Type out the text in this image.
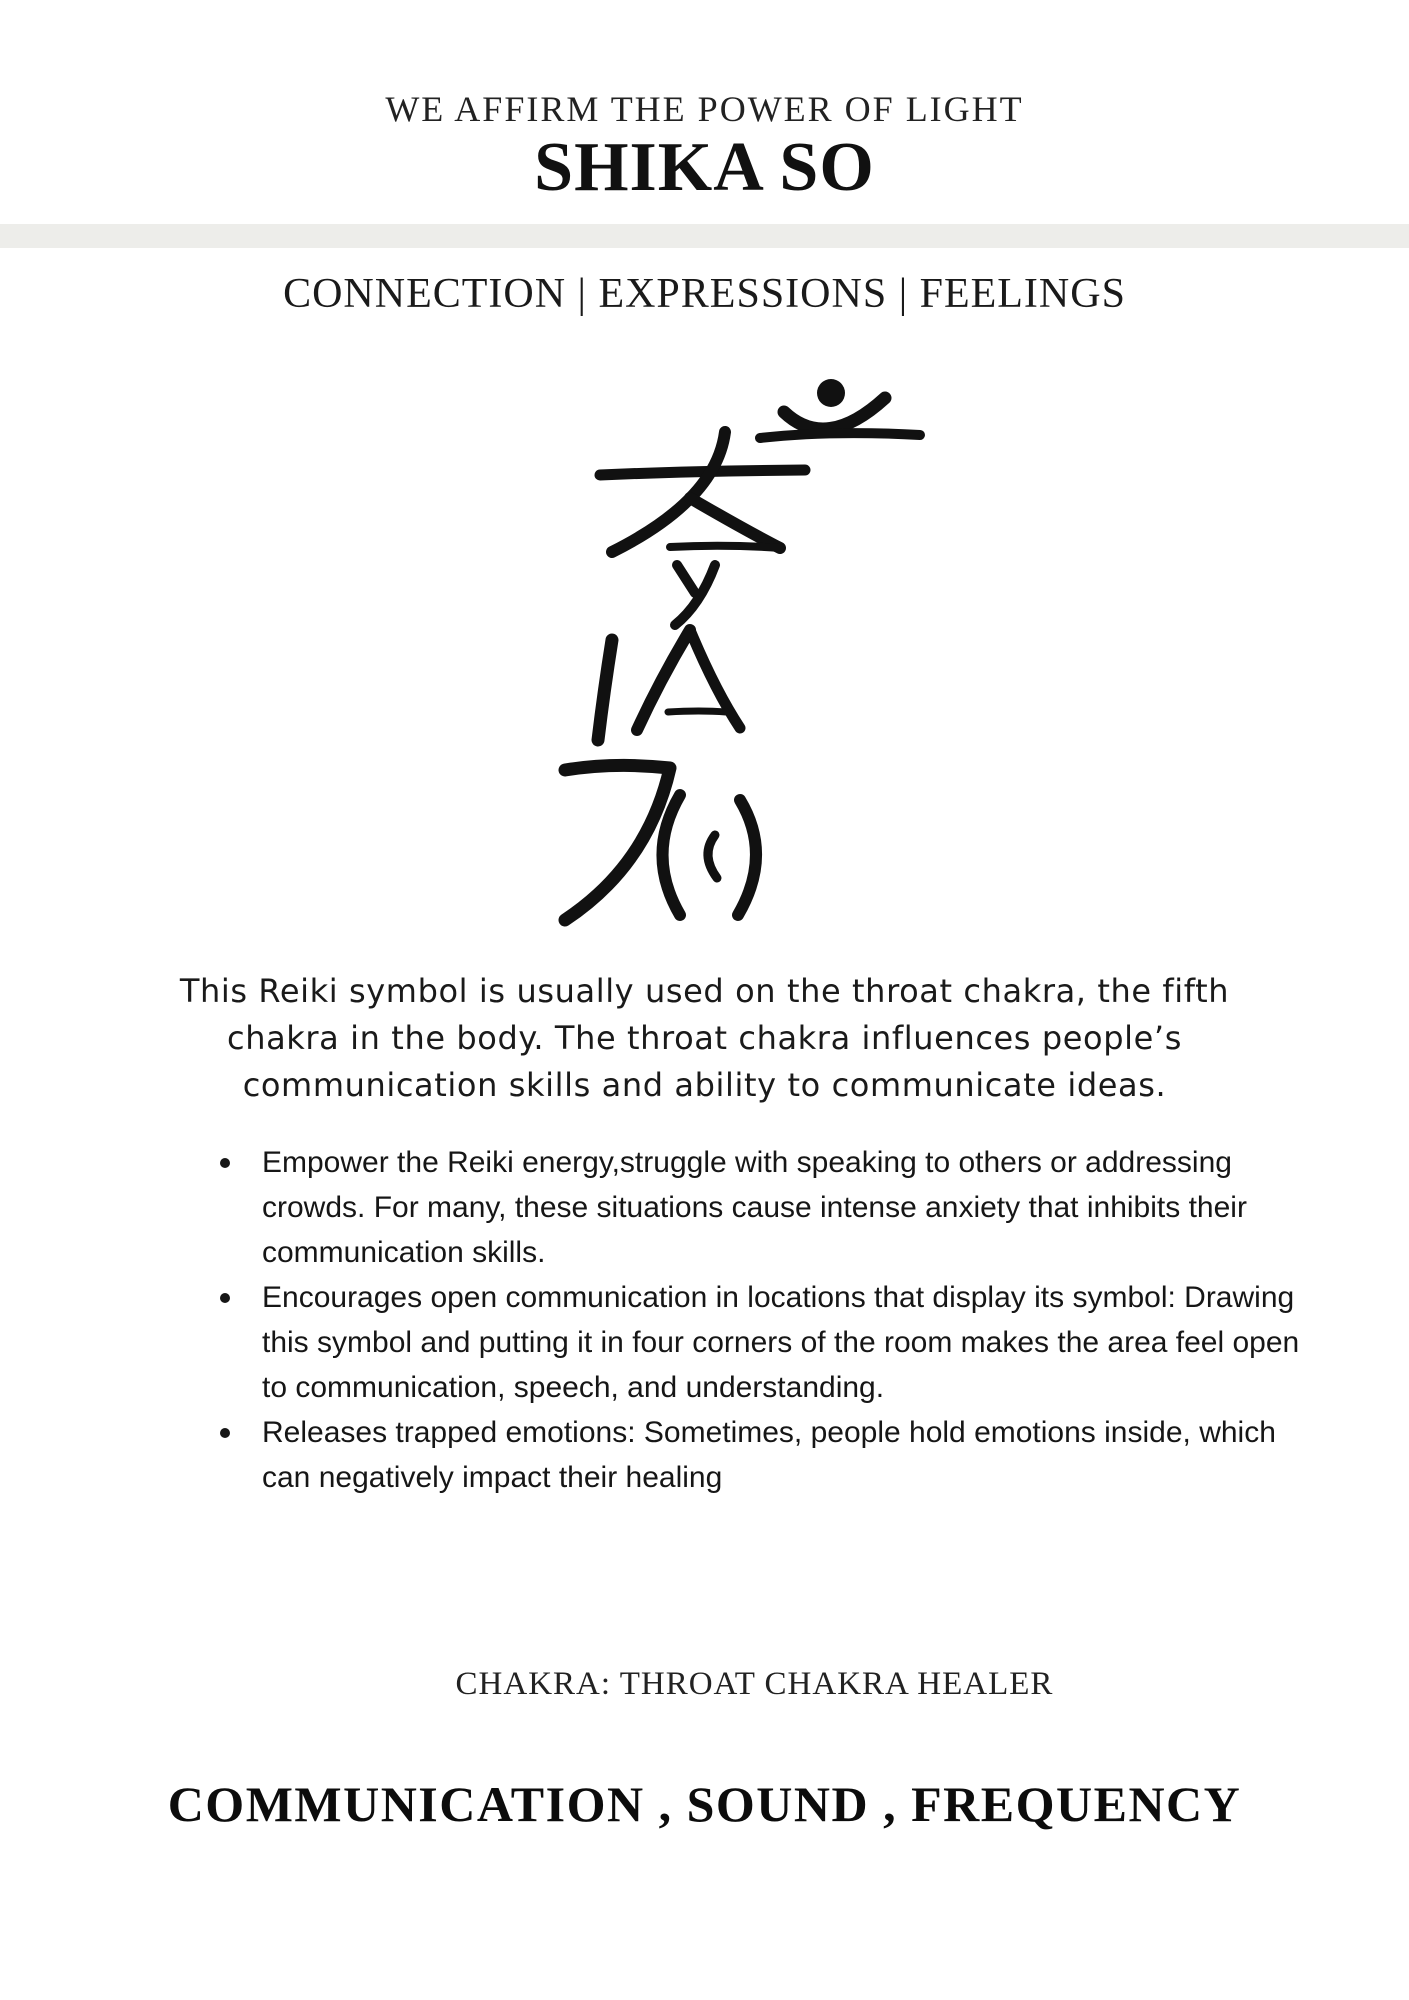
WE AFFIRM THE POWER OF LIGHT
SHIKA SO
CONNECTION | EXPRESSIONS | FEELINGS
This Reiki symbol is usually used on the throat chakra, the fifth chakra in the body. The throat chakra influences people’s communication skills and ability to communicate ideas.
Empower the Reiki energy,struggle with speaking to others or addressing crowds. For many, these situations cause intense anxiety that inhibits their communication skills.
Encourages open communication in locations that display its symbol: Drawing this symbol and putting it in four corners of the room makes the area feel open to communication, speech, and understanding.
Releases trapped emotions: Sometimes, people hold emotions inside, which can negatively impact their healing
CHAKRA: THROAT CHAKRA HEALER
COMMUNICATION , SOUND , FREQUENCY
